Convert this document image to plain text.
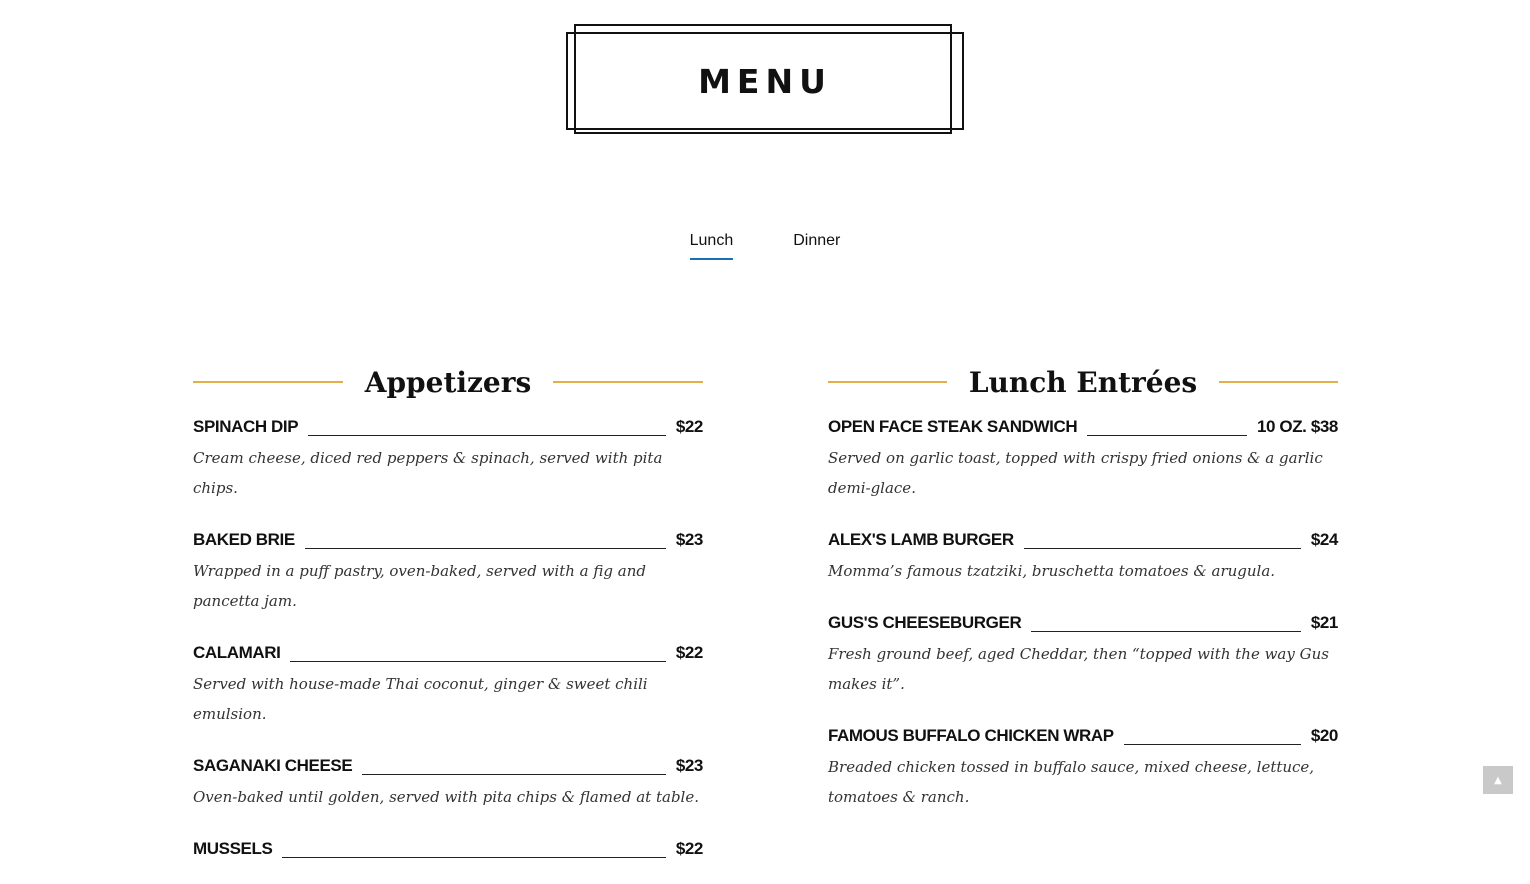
MENU
Lunch	Dinner
Appetizers
SPINACH DIP	$22
Cream cheese, diced red peppers & spinach, served with pita chips.
BAKED BRIE	$23
Wrapped in a puff pastry, oven-baked, served with a fig and pancetta jam.
CALAMARI	$22
Served with house-made Thai coconut, ginger & sweet chili emulsion.
SAGANAKI CHEESE	$23
Oven-baked until golden, served with pita chips & flamed at table.
MUSSELS	$22
Lunch Entrées
OPEN FACE STEAK SANDWICH	10 OZ. $38
Served on garlic toast, topped with crispy fried onions & a garlic demi-glace.
ALEX'S LAMB BURGER	$24
Momma’s famous tzatziki, bruschetta tomatoes & arugula.
GUS'S CHEESEBURGER	$21
Fresh ground beef, aged Cheddar, then “topped with the way Gus makes it”.
FAMOUS BUFFALO CHICKEN WRAP	$20
Breaded chicken tossed in buffalo sauce, mixed cheese, lettuce, tomatoes & ranch.
▲
